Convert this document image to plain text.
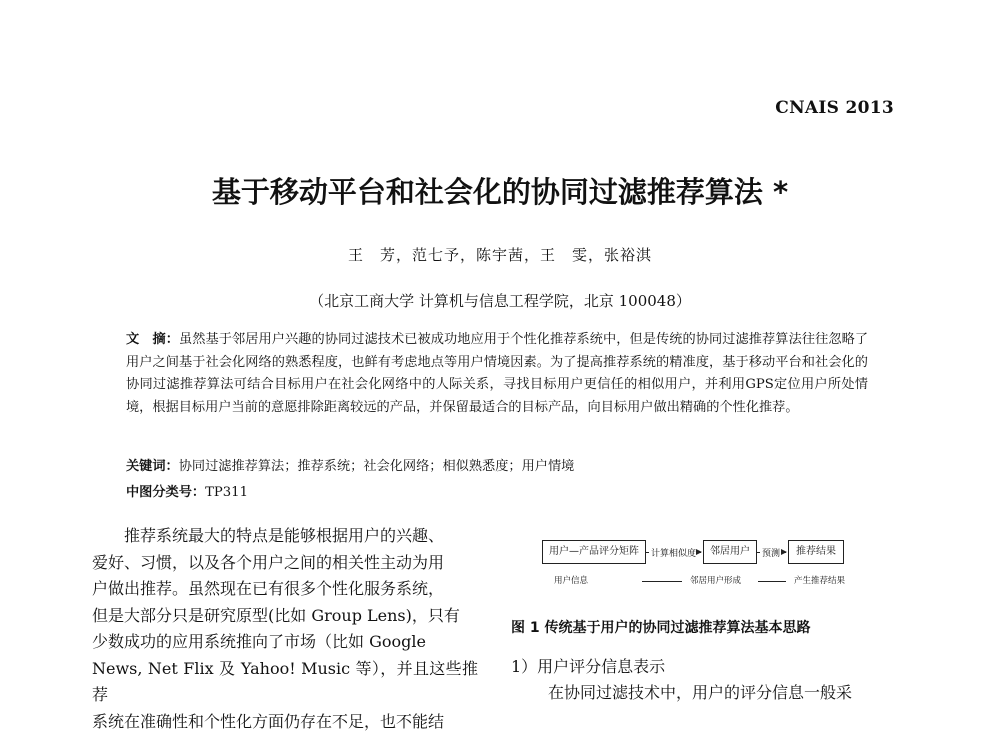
CNAIS 2013
基于移动平台和社会化的协同过滤推荐算法 *
王　芳，范七予，陈宇茜，王　雯，张裕淇
（北京工商大学 计算机与信息工程学院，北京 100048）
文　摘：虽然基于邻居用户兴趣的协同过滤技术已被成功地应用于个性化推荐系统中，但是传统的协同过滤推荐算法往往忽略了用户之间基于社会化网络的熟悉程度，也鲜有考虑地点等用户情境因素。为了提高推荐系统的精准度，基于移动平台和社会化的协同过滤推荐算法可结合目标用户在社会化网络中的人际关系，寻找目标用户更信任的相似用户，并利用GPS定位用户所处情境，根据目标用户当前的意愿排除距离较远的产品，并保留最适合的目标产品，向目标用户做出精确的个性化推荐。
关键词：协同过滤推荐算法；推荐系统；社会化网络；相似熟悉度；用户情境
中图分类号：TP311
推荐系统最大的特点是能够根据用户的兴趣、
爱好、习惯，以及各个用户之间的相关性主动为用
户做出推荐。虽然现在已有很多个性化服务系统，
但是大部分只是研究原型(比如 Group Lens)，只有
少数成功的应用系统推向了市场（比如 Google
News, Net Flix 及 Yahoo! Music 等），并且这些推荐
系统在准确性和个性化方面仍存在不足，也不能结
用户—产品评分矩阵	计算相似度	邻居用户	预测	推荐结果
用户信息	邻居用户形成	产生推荐结果
图 1 传统基于用户的协同过滤推荐算法基本思路
1）用户评分信息表示
在协同过滤技术中，用户的评分信息一般采
